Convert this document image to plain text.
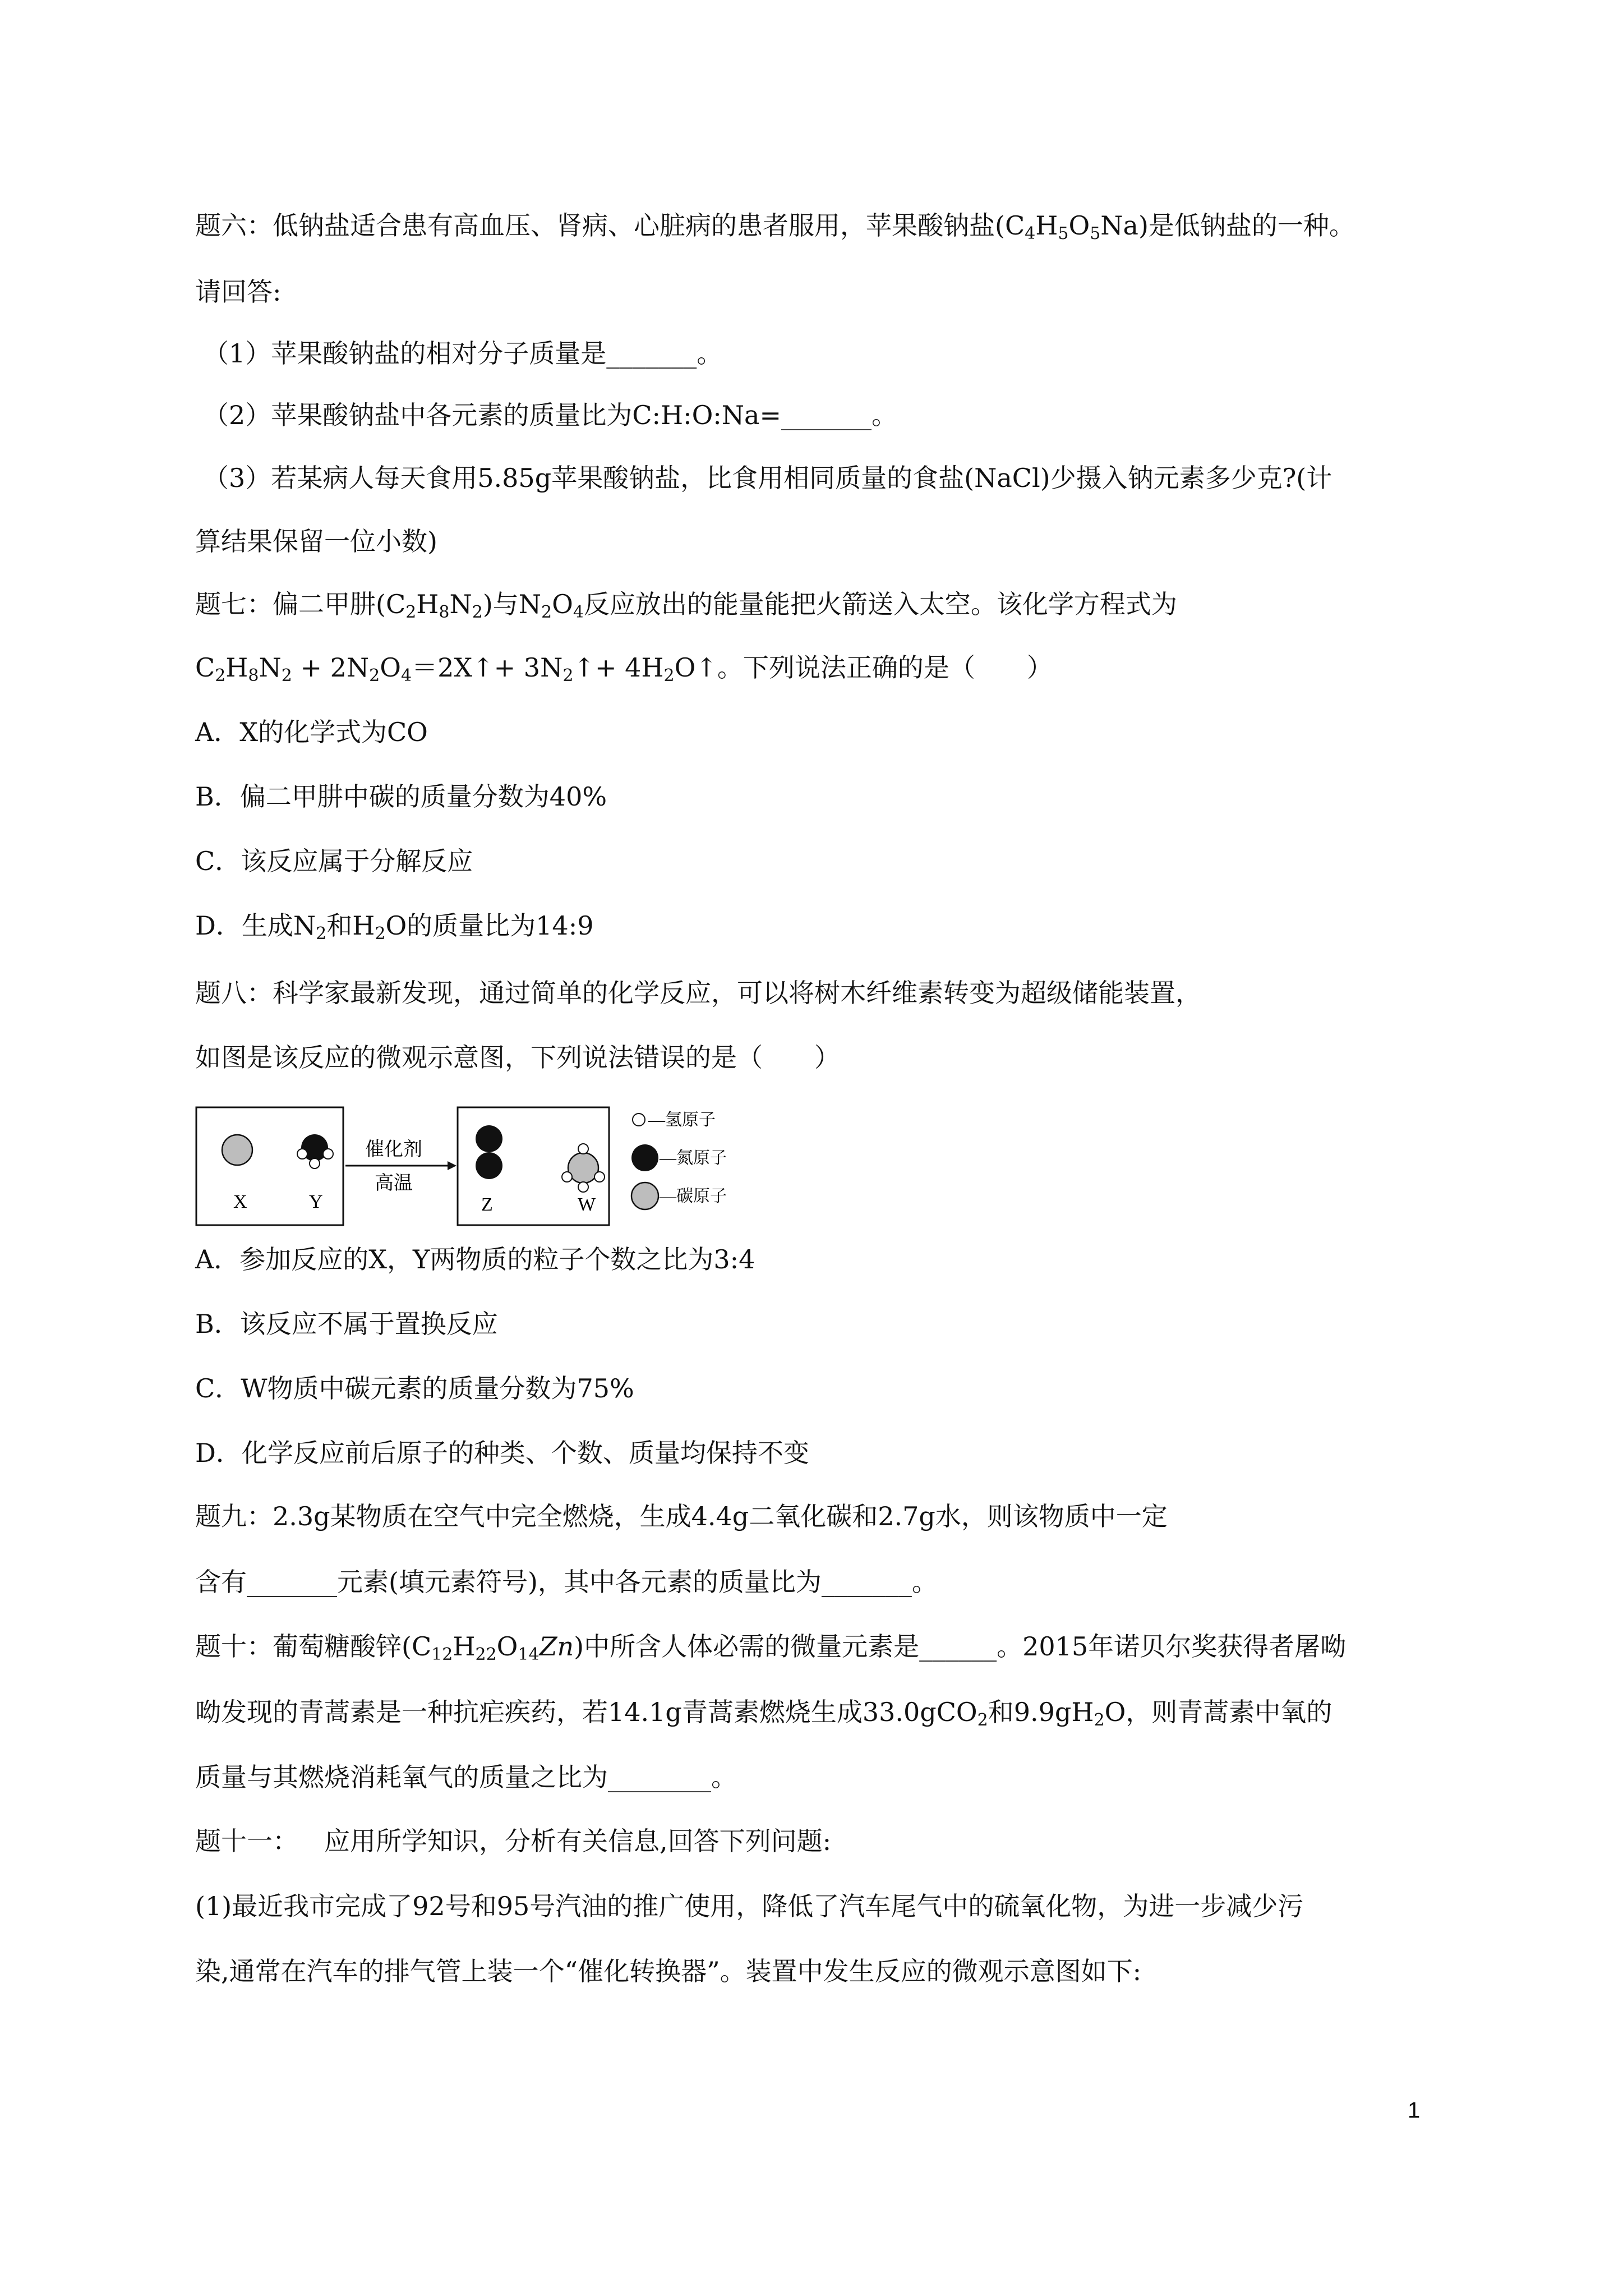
题六：低钠盐适合患有高血压、肾病、心脏病的患者服用，苹果酸钠盐$(C_4H_5O_5Na)$是低钠盐的一种。
请回答:
（1）苹果酸钠盐的相对分子质量是_______。
（2）苹果酸钠盐中各元素的质量比为C:H:O:Na=_______。
（3）若某病人每天食用5.85g苹果酸钠盐，比食用相同质量的食盐(NaCl)少摄入钠元素多少克?(计
算结果保留一位小数)
题七：偏二甲肼$(C_2H_8N_2)$与$N_2O_4$反应放出的能量能把火箭送入太空。该化学方程式为
$C_2H_8N_2$ + $2N_2O_4=2X↑+$ $3N_2↑+$ $4H_2O↑$。下列说法正确的是（　　）
A．X的化学式为CO
B．偏二甲肼中碳的质量分数为40%
C．该反应属于分解反应
D．生成$N_2$和$H_2O$的质量比为14:9
题八：科学家最新发现，通过简单的化学反应，可以将树木纤维素转变为超级储能装置，
如图是该反应的微观示意图，下列说法错误的是（　　）
X	Y
催化剂
高温
Z	W
—氢原子
—氮原子
—碳原子
A．参加反应的X，Y两物质的粒子个数之比为3:4
B．该反应不属于置换反应
C．W物质中碳元素的质量分数为75%
D．化学反应前后原子的种类、个数、质量均保持不变
题九：2.3g某物质在空气中完全燃烧，生成4.4g二氧化碳和2.7g水，则该物质中一定
含有_______元素(填元素符号)，其中各元素的质量比为_______。
题十：葡萄糖酸锌$(C_{12}H_{22}O_{14}Zn)$中所含人体必需的微量元素是______。2015年诺贝尔奖获得者屠呦
呦发现的青蒿素是一种抗疟疾药，若14.1g青蒿素燃烧生成33.0gCO$_2$和$9.9gH_2O$，则青蒿素中氧的
质量与其燃烧消耗氧气的质量之比为________。
题十一： 应用所学知识，分析有关信息,回答下列问题:
(1)最近我市完成了92号和95号汽油的推广使用，降低了汽车尾气中的硫氧化物，为进一步减少污
染,通常在汽车的排气管上装一个“催化转换器”。装置中发生反应的微观示意图如下:
1
